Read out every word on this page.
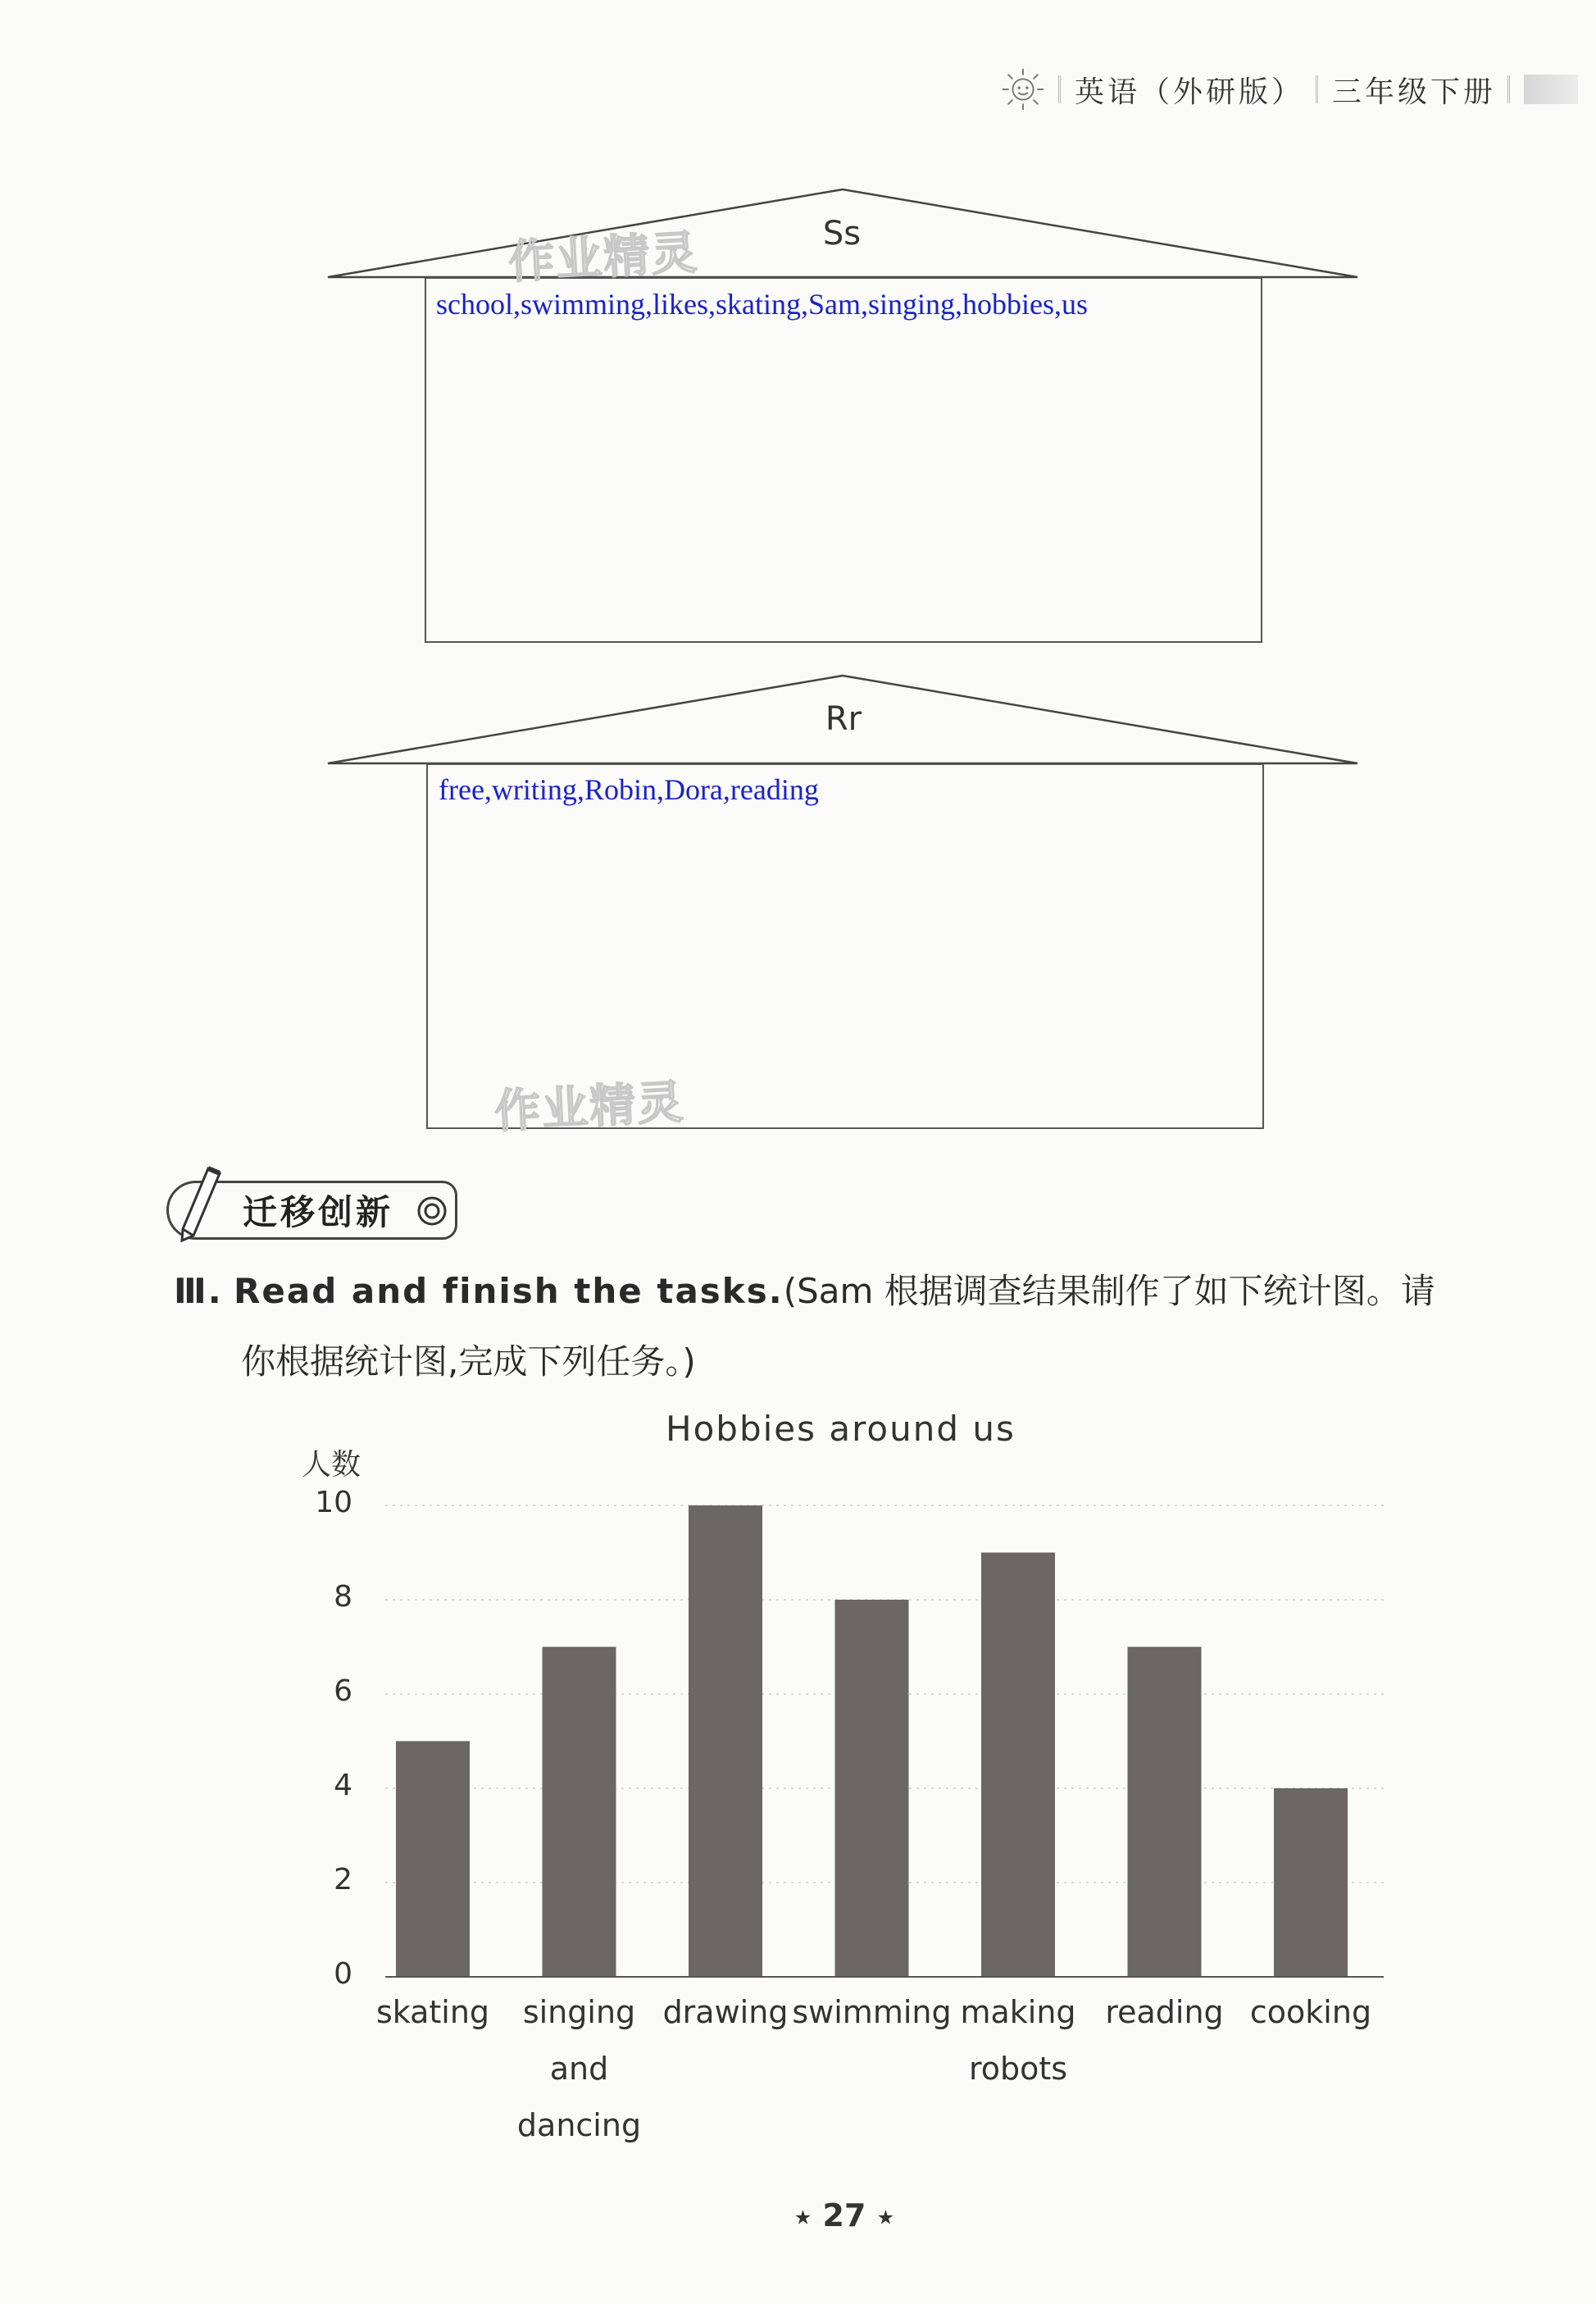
英语（外研版） 三年级下册
Ss
school,swimming,likes,skating,Sam,singing,hobbies,us
作业精灵
Rr
free,writing,Robin,Dora,reading
作业精灵
迁移创新
Ⅲ. Read and finish the tasks.(Sam 根据调查结果制作了如下统计图。请
你根据统计图,完成下列任务。)
Hobbies around us
人数
0
2
4
6
8
10
skating	singing
and
dancing
drawing swimming making
robots
reading cooking
★ 27 ★
